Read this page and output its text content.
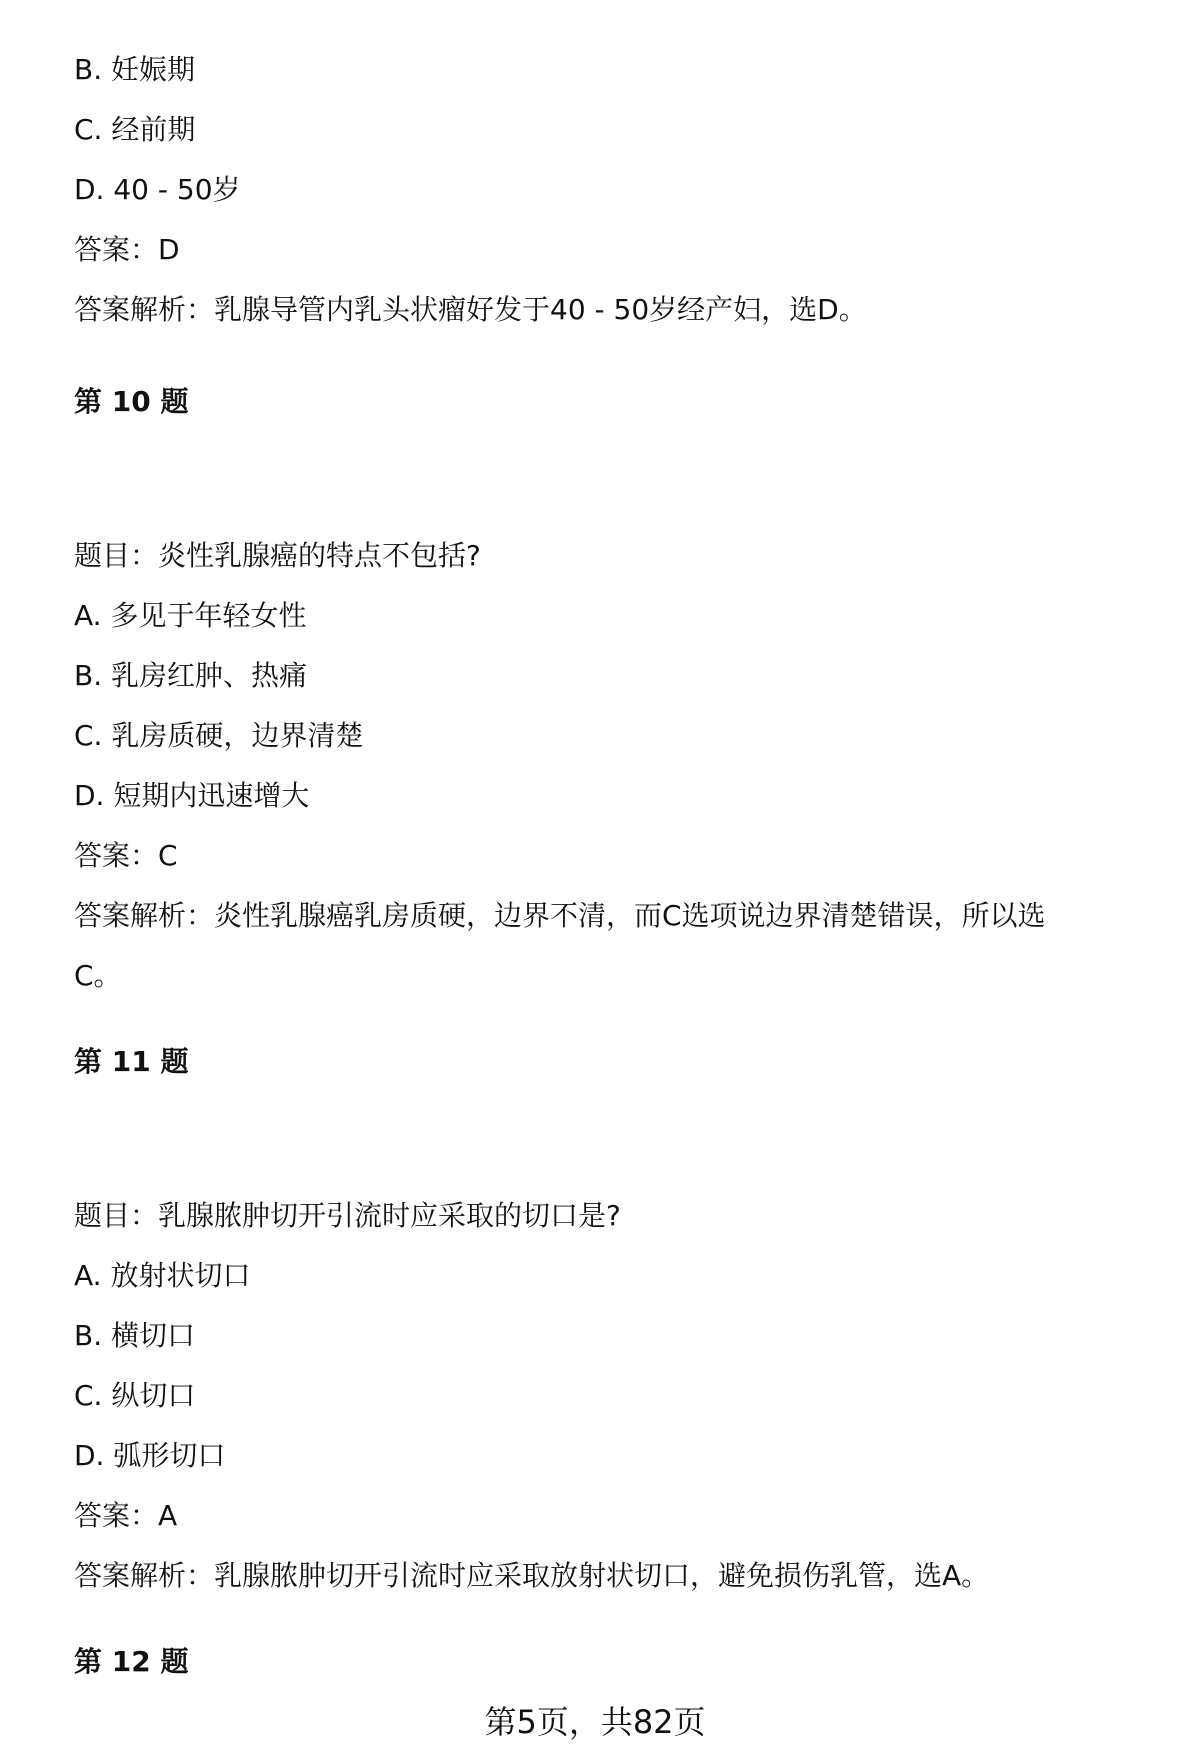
B. 妊娠期
C. 经前期
D. 40 - 50岁
答案：D
答案解析：乳腺导管内乳头状瘤好发于40 - 50岁经产妇，选D。
第 10 题
题目：炎性乳腺癌的特点不包括?
A. 多见于年轻女性
B. 乳房红肿、热痛
C. 乳房质硬，边界清楚
D. 短期内迅速增大
答案：C
答案解析：炎性乳腺癌乳房质硬，边界不清，而C选项说边界清楚错误，所以选
C。
第 11 题
题目：乳腺脓肿切开引流时应采取的切口是?
A. 放射状切口
B. 横切口
C. 纵切口
D. 弧形切口
答案：A
答案解析：乳腺脓肿切开引流时应采取放射状切口，避免损伤乳管，选A。
第 12 题
第5页，共82页
